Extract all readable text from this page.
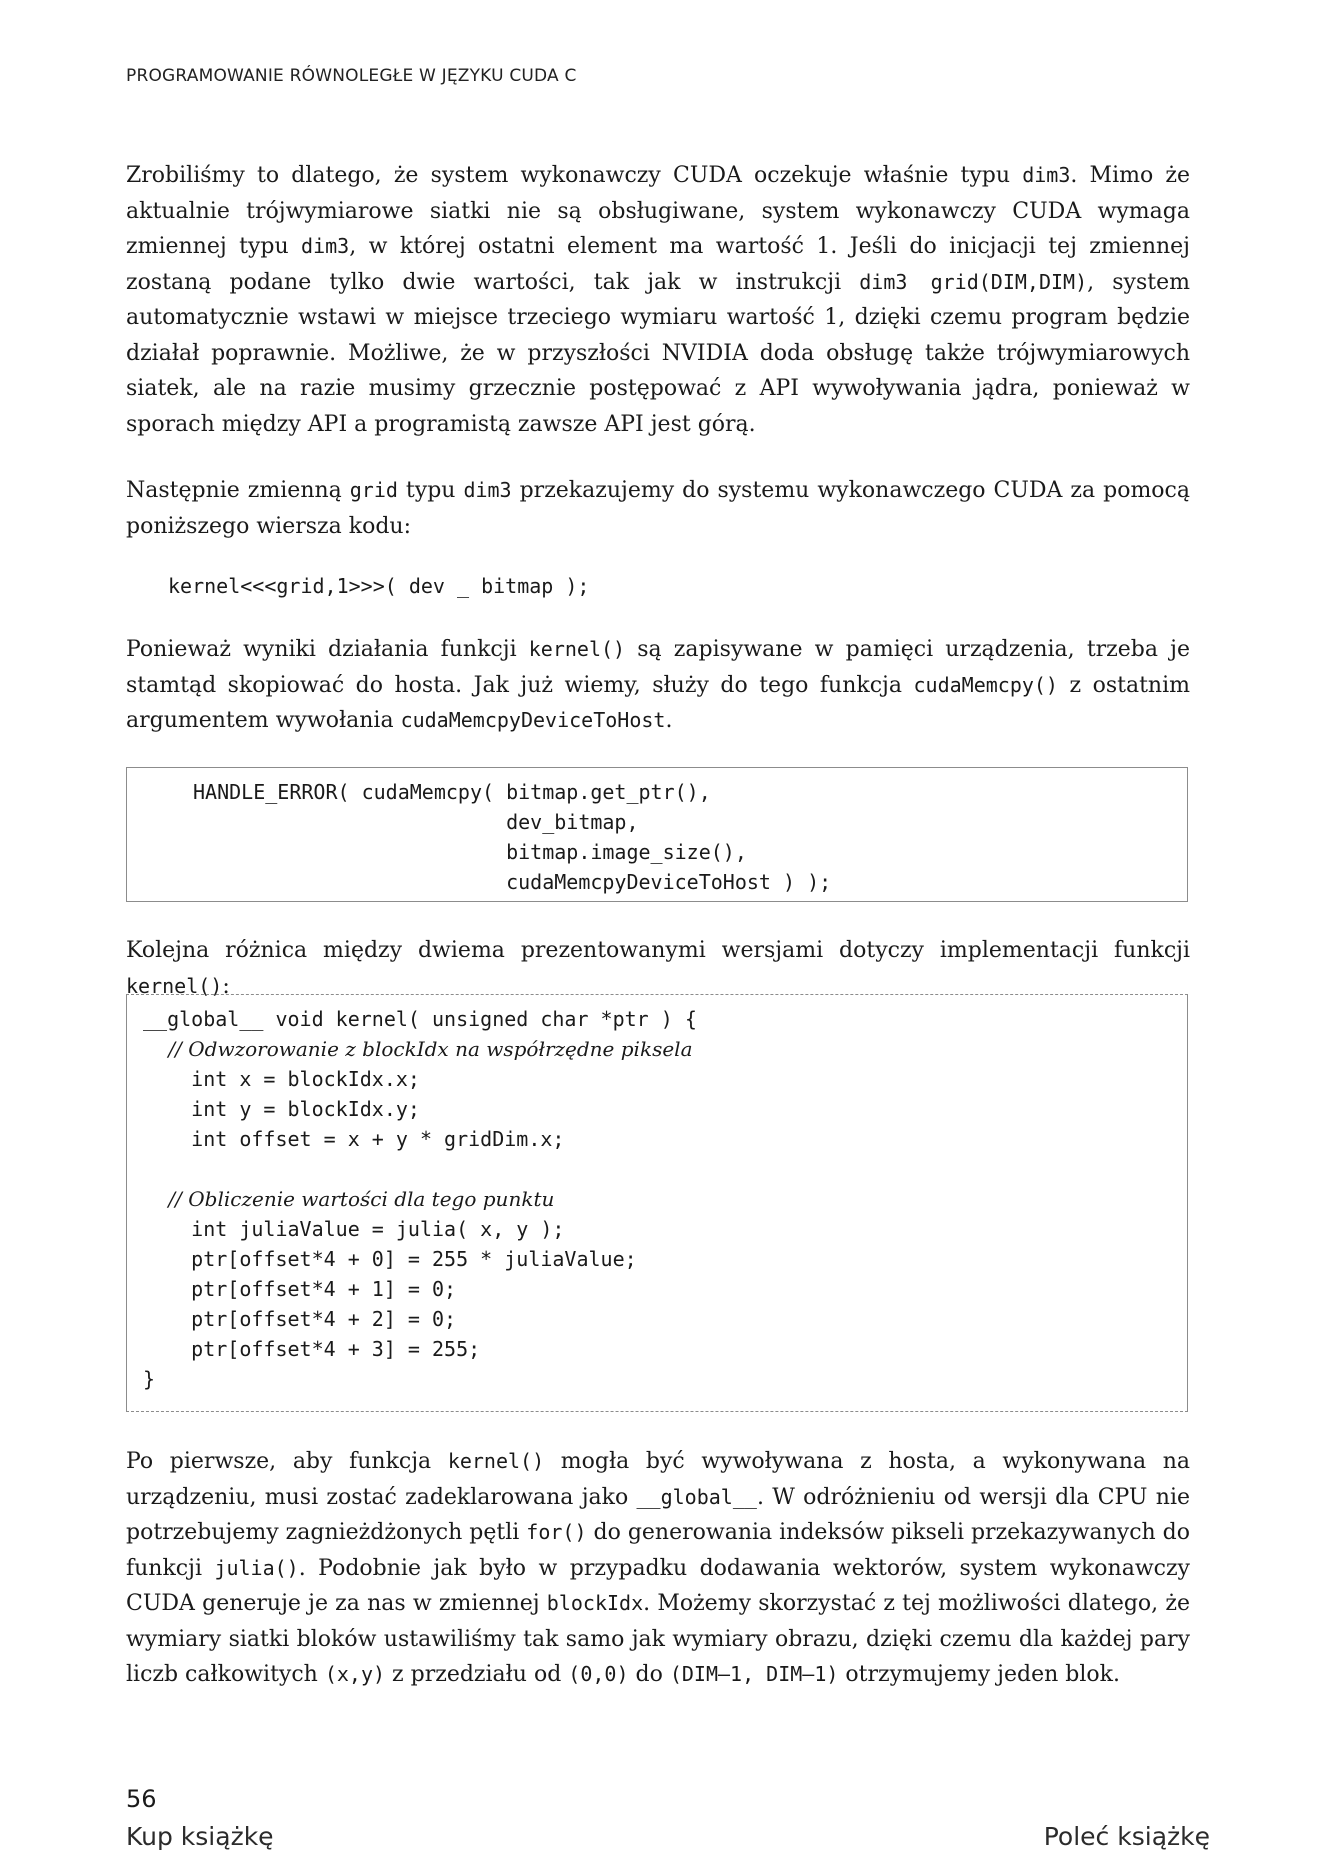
PROGRAMOWANIE RÓWNOLEGŁE W JĘZYKU CUDA C

Zrobiliśmy to dlatego, że system wykonawczy CUDA oczekuje właśnie typu dim3. Mimo że aktualnie trójwymiarowe siatki nie są obsługiwane, system wykonawczy CUDA wymaga zmiennej typu dim3, w której ostatni element ma wartość 1. Jeśli do inicjacji tej zmiennej zostaną podane tylko dwie wartości, tak jak w instrukcji dim3 grid(DIM,DIM), system automatycznie wstawi w miejsce trzeciego wymiaru wartość 1, dzięki czemu program będzie działał poprawnie. Możliwe, że w przyszłości NVIDIA doda obsługę także trójwymiarowych siatek, ale na razie musimy grzecznie postępować z API wywoływania jądra, ponieważ w sporach między API a programistą zawsze API jest górą.

Następnie zmienną grid typu dim3 przekazujemy do systemu wykonawczego CUDA za pomocą poniższego wiersza kodu:

kernel<<<grid,1>>>( dev _ bitmap );

Ponieważ wyniki działania funkcji kernel() są zapisywane w pamięci urządzenia, trzeba je stamtąd skopiować do hosta. Jak już wiemy, służy do tego funkcja cudaMemcpy() z ostatnim argumentem wywołania cudaMemcpyDeviceToHost.

HANDLE_ERROR( cudaMemcpy( bitmap.get_ptr(),
dev_bitmap,
bitmap.image_size(),
cudaMemcpyDeviceToHost ) );

Kolejna różnica między dwiema prezentowanymi wersjami dotyczy implementacji funkcji kernel():

__global__ void kernel( unsigned char *ptr ) {
// Odwzorowanie z blockIdx na współrzędne piksela
int x = blockIdx.x;
int y = blockIdx.y;
int offset = x + y * gridDim.x;

// Obliczenie wartości dla tego punktu
int juliaValue = julia( x, y );
ptr[offset*4 + 0] = 255 * juliaValue;
ptr[offset*4 + 1] = 0;
ptr[offset*4 + 2] = 0;
ptr[offset*4 + 3] = 255;
}

Po pierwsze, aby funkcja kernel() mogła być wywoływana z hosta, a wykonywana na urządzeniu, musi zostać zadeklarowana jako __global__. W odróżnieniu od wersji dla CPU nie potrzebujemy zagnieżdżonych pętli for() do generowania indeksów pikseli przekazywanych do funkcji julia(). Podobnie jak było w przypadku dodawania wektorów, system wykonawczy CUDA generuje je za nas w zmiennej blockIdx. Możemy skorzystać z tej możliwości dlatego, że wymiary siatki bloków ustawiliśmy tak samo jak wymiary obrazu, dzięki czemu dla każdej pary liczb całkowitych (x,y) z przedziału od (0,0) do (DIM–1, DIM–1) otrzymujemy jeden blok.

56
Kup książkę	Poleć książkę
